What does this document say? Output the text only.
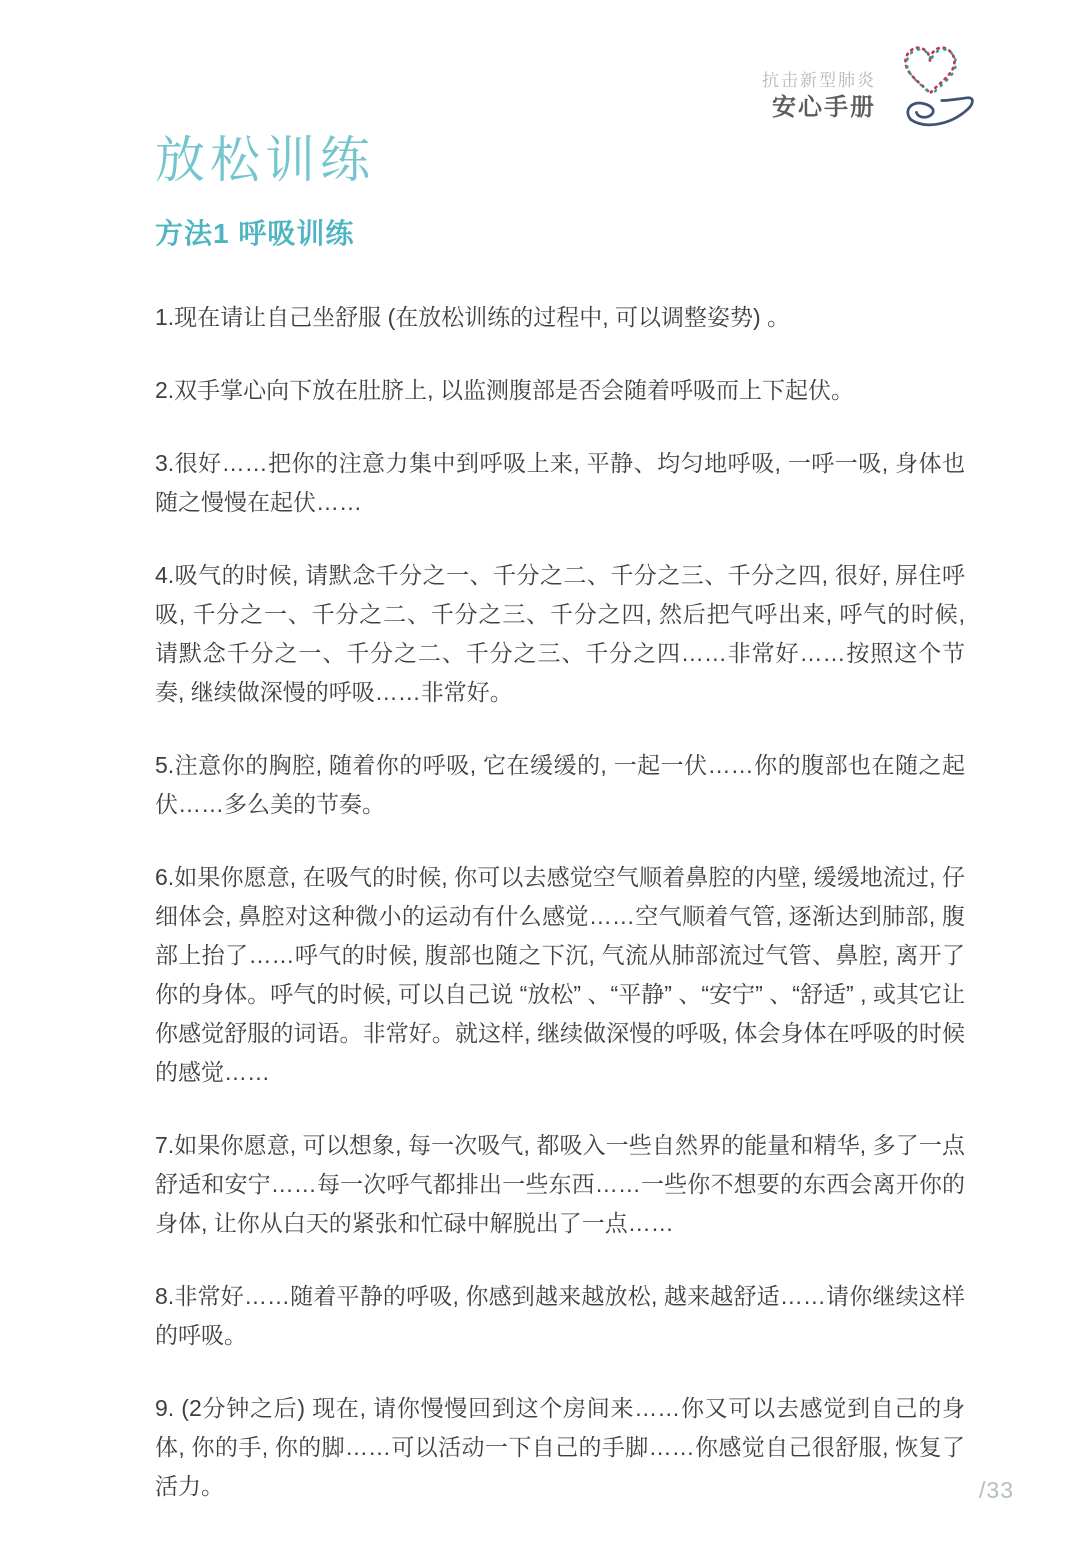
抗击新型肺炎
安心手册
放松训练
方法1 呼吸训练

1.现在请让自己坐舒服 (在放松训练的过程中, 可以调整姿势) 。

2.双手掌心向下放在肚脐上, 以监测腹部是否会随着呼吸而上下起伏。

3.很好……把你的注意力集中到呼吸上来, 平静、均匀地呼吸, 一呼一吸, 身体也随之慢慢在起伏……

4.吸气的时候, 请默念千分之一、千分之二、千分之三、千分之四, 很好, 屏住呼吸, 千分之一、千分之二、千分之三、千分之四, 然后把气呼出来, 呼气的时候, 请默念千分之一、千分之二、千分之三、千分之四……非常好……按照这个节奏, 继续做深慢的呼吸……非常好。

5.注意你的胸腔, 随着你的呼吸, 它在缓缓的, 一起一伏……你的腹部也在随之起伏……多么美的节奏。

6.如果你愿意, 在吸气的时候, 你可以去感觉空气顺着鼻腔的内壁, 缓缓地流过, 仔细体会, 鼻腔对这种微小的运动有什么感觉……空气顺着气管, 逐渐达到肺部, 腹部上抬了……呼气的时候, 腹部也随之下沉, 气流从肺部流过气管、鼻腔, 离开了你的身体。呼气的时候, 可以自己说 “放松” 、“平静” 、“安宁” 、“舒适” , 或其它让你感觉舒服的词语。非常好。就这样, 继续做深慢的呼吸, 体会身体在呼吸的时候的感觉……

7.如果你愿意, 可以想象, 每一次吸气, 都吸入一些自然界的能量和精华, 多了一点舒适和安宁……每一次呼气都排出一些东西……一些你不想要的东西会离开你的身体, 让你从白天的紧张和忙碌中解脱出了一点……

8.非常好……随着平静的呼吸, 你感到越来越放松, 越来越舒适……请你继续这样的呼吸。

9. (2分钟之后) 现在, 请你慢慢回到这个房间来……你又可以去感觉到自己的身体, 你的手, 你的脚……可以活动一下自己的手脚……你感觉自己很舒服, 恢复了活力。	/33
